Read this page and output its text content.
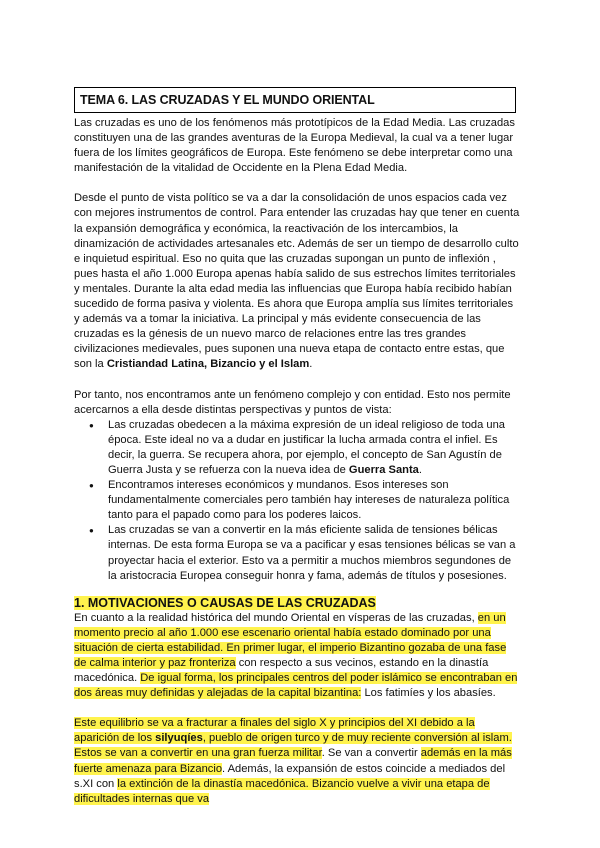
TEMA 6. LAS CRUZADAS Y EL MUNDO ORIENTAL

Las cruzadas es uno de los fenómenos más prototípicos de la Edad Media. Las cruzadas constituyen una de las grandes aventuras de la Europa Medieval, la cual va a tener lugar fuera de los límites geográficos de Europa. Este fenómeno se debe interpretar como una manifestación de la vitalidad de Occidente en la Plena Edad Media.

Desde el punto de vista político se va a dar la consolidación de unos espacios cada vez con mejores instrumentos de control. Para entender las cruzadas hay que tener en cuenta la expansión demográfica y económica, la reactivación de los intercambios, la dinamización de actividades artesanales etc. Además de ser un tiempo de desarrollo culto e inquietud espiritual. Eso no quita que las cruzadas supongan un punto de inflexión , pues hasta el año 1.000 Europa apenas había salido de sus estrechos límites territoriales y mentales. Durante la alta edad media las influencias que Europa había recibido habían sucedido de forma pasiva y violenta. Es ahora que Europa amplía sus límites territoriales y además va a tomar la iniciativa. La principal y más evidente consecuencia de las cruzadas es la génesis de un nuevo marco de relaciones entre las tres grandes civilizaciones medievales, pues suponen una nueva etapa de contacto entre estas, que son la Cristiandad Latina, Bizancio y el Islam.

Por tanto, nos encontramos ante un fenómeno complejo y con entidad. Esto nos permite acercarnos a ella desde distintas perspectivas y puntos de vista:

● Las cruzadas obedecen a la máxima expresión de un ideal religioso de toda una época. Este ideal no va a dudar en justificar la lucha armada contra el infiel. Es decir, la guerra. Se recupera ahora, por ejemplo, el concepto de San Agustín de Guerra Justa y se refuerza con la nueva idea de Guerra Santa.
● Encontramos intereses económicos y mundanos. Esos intereses son fundamentalmente comerciales pero también hay intereses de naturaleza política tanto para el papado como para los poderes laicos.
● Las cruzadas se van a convertir en la más eficiente salida de tensiones bélicas internas. De esta forma Europa se va a pacificar y esas tensiones bélicas se van a proyectar hacia el exterior. Esto va a permitir a muchos miembros segundones de la aristocracia Europea conseguir honra y fama, además de títulos y posesiones.

1. MOTIVACIONES O CAUSAS DE LAS CRUZADAS

En cuanto a la realidad histórica del mundo Oriental en vísperas de las cruzadas, en un momento precio al año 1.000 ese escenario oriental había estado dominado por una situación de cierta estabilidad. En primer lugar, el imperio Bizantino gozaba de una fase de calma interior y paz fronteriza con respecto a sus vecinos, estando en la dinastía macedónica. De igual forma, los principales centros del poder islámico se encontraban en dos áreas muy definidas y alejadas de la capital bizantina: Los fatimíes y los abasíes.

Este equilibrio se va a fracturar a finales del siglo X y principios del XI debido a la aparición de los silyuqíes, pueblo de origen turco y de muy reciente conversión al islam. Estos se van a convertir en una gran fuerza militar. Se van a convertir además en la más fuerte amenaza para Bizancio. Además, la expansión de estos coincide a mediados del s.XI con la extinción de la dinastía macedónica. Bizancio vuelve a vivir una etapa de dificultades internas que va
